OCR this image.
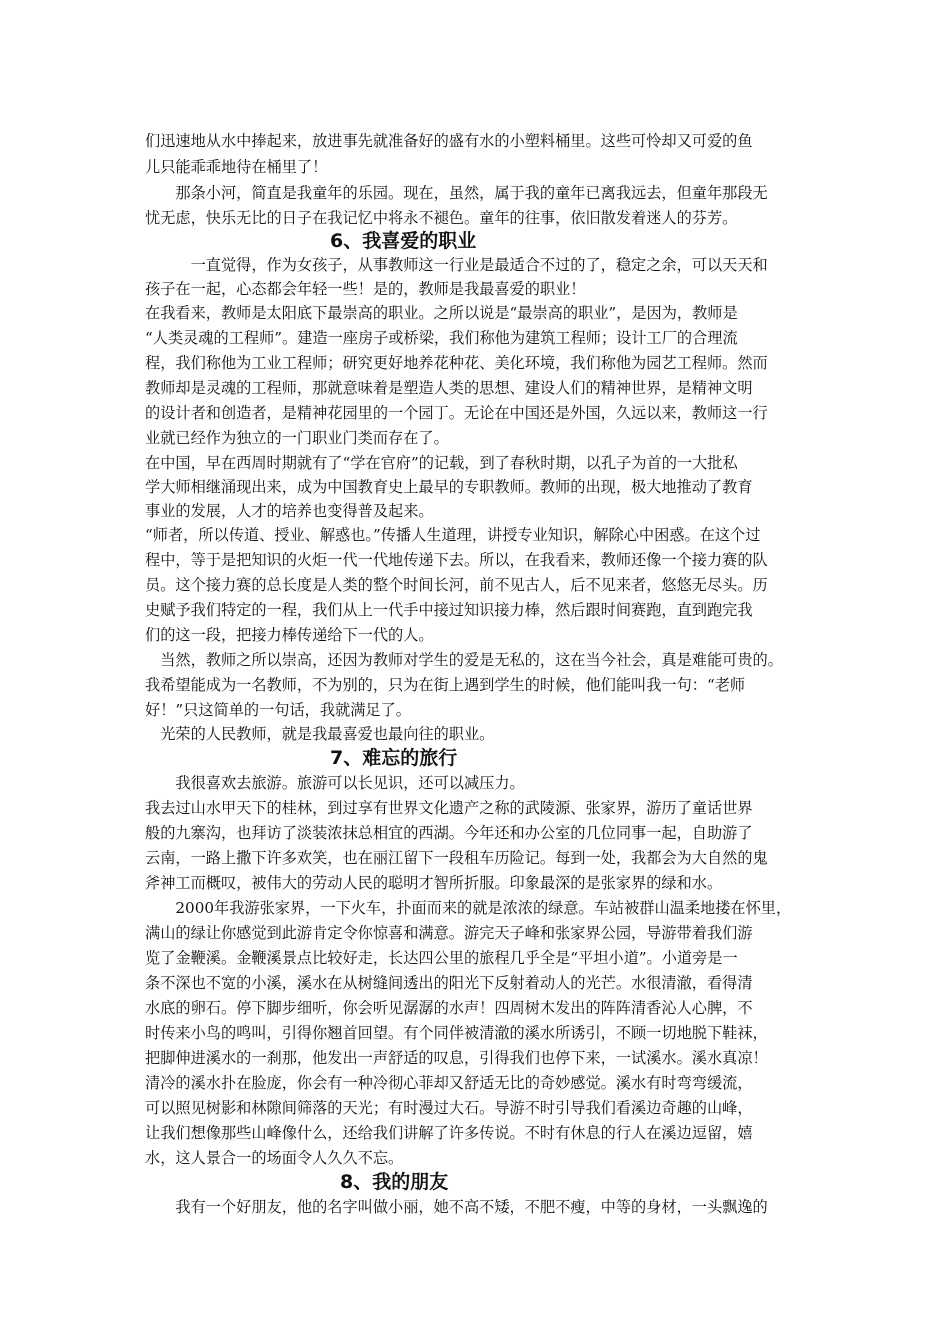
们迅速地从水中捧起来，放进事先就准备好的盛有水的小塑料桶里。这些可怜却又可爱的鱼
儿只能乖乖地待在桶里了！
　　那条小河，简直是我童年的乐园。现在，虽然，属于我的童年已离我远去，但童年那段无
忧无虑，快乐无比的日子在我记忆中将永不褪色。童年的往事，依旧散发着迷人的芬芳。
6、我喜爱的职业
　　　一直觉得，作为女孩子，从事教师这一行业是最适合不过的了，稳定之余，可以天天和
孩子在一起，心态都会年轻一些！是的，教师是我最喜爱的职业！
在我看来，教师是太阳底下最崇高的职业。之所以说是“最崇高的职业”，是因为，教师是
“人类灵魂的工程师”。建造一座房子或桥梁，我们称他为建筑工程师；设计工厂的合理流
程，我们称他为工业工程师；研究更好地养花种花、美化环境，我们称他为园艺工程师。然而
教师却是灵魂的工程师，那就意味着是塑造人类的思想、建设人们的精神世界，是精神文明
的设计者和创造者，是精神花园里的一个园丁。无论在中国还是外国，久远以来，教师这一行
业就已经作为独立的一门职业门类而存在了。
在中国，早在西周时期就有了“学在官府”的记载，到了春秋时期，以孔子为首的一大批私
学大师相继涌现出来，成为中国教育史上最早的专职教师。教师的出现，极大地推动了教育
事业的发展，人才的培养也变得普及起来。
“师者，所以传道、授业、解惑也。”传播人生道理，讲授专业知识，解除心中困惑。在这个过
程中，等于是把知识的火炬一代一代地传递下去。所以，在我看来，教师还像一个接力赛的队
员。这个接力赛的总长度是人类的整个时间长河，前不见古人，后不见来者，悠悠无尽头。历
史赋予我们特定的一程，我们从上一代手中接过知识接力棒，然后跟时间赛跑，直到跑完我
们的这一段，把接力棒传递给下一代的人。
　当然，教师之所以崇高，还因为教师对学生的爱是无私的，这在当今社会，真是难能可贵的。
我希望能成为一名教师，不为别的，只为在街上遇到学生的时候，他们能叫我一句：“老师
好！”只这简单的一句话，我就满足了。
　光荣的人民教师，就是我最喜爱也最向往的职业。
7、难忘的旅行
　　我很喜欢去旅游。旅游可以长见识，还可以减压力。
我去过山水甲天下的桂林，到过享有世界文化遗产之称的武陵源、张家界，游历了童话世界
般的九寨沟，也拜访了淡装浓抹总相宜的西湖。今年还和办公室的几位同事一起，自助游了
云南，一路上撒下许多欢笑，也在丽江留下一段租车历险记。每到一处，我都会为大自然的鬼
斧神工而概叹，被伟大的劳动人民的聪明才智所折服。印象最深的是张家界的绿和水。
　　2000年我游张家界，一下火车，扑面而来的就是浓浓的绿意。车站被群山温柔地搂在怀里，
满山的绿让你感觉到此游肯定令你惊喜和满意。游完天子峰和张家界公园，导游带着我们游
览了金鞭溪。金鞭溪景点比较好走，长达四公里的旅程几乎全是“平坦小道”。小道旁是一
条不深也不宽的小溪，溪水在从树缝间透出的阳光下反射着动人的光芒。水很清澈，看得清
水底的卵石。停下脚步细听，你会听见潺潺的水声！四周树木发出的阵阵清香沁人心脾，不
时传来小鸟的鸣叫，引得你翘首回望。有个同伴被清澈的溪水所诱引，不顾一切地脱下鞋袜，
把脚伸进溪水的一刹那，他发出一声舒适的叹息，引得我们也停下来，一试溪水。溪水真凉！
清冷的溪水扑在脸庞，你会有一种冷彻心菲却又舒适无比的奇妙感觉。溪水有时弯弯缓流，
可以照见树影和林隙间筛落的天光；有时漫过大石。导游不时引导我们看溪边奇趣的山峰，
让我们想像那些山峰像什么，还给我们讲解了许多传说。不时有休息的行人在溪边逗留，嬉
水，这人景合一的场面令人久久不忘。
8、我的朋友
　　我有一个好朋友，他的名字叫做小丽，她不高不矮，不肥不瘦，中等的身材，一头飘逸的
